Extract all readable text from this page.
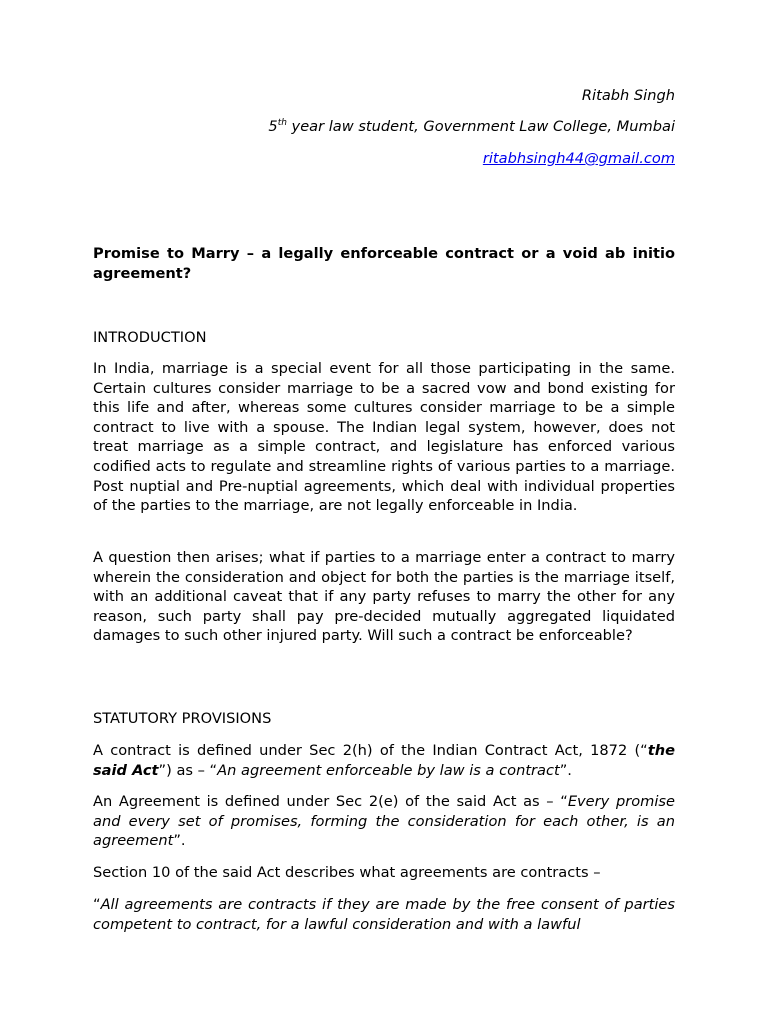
Ritabh Singh
5th year law student, Government Law College, Mumbai
ritabhsingh44@gmail.com

Promise to Marry – a legally enforceable contract or a void ab initio agreement?

INTRODUCTION

In India, marriage is a special event for all those participating in the same. Certain cultures consider marriage to be a sacred vow and bond existing for this life and after, whereas some cultures consider marriage to be a simple contract to live with a spouse. The Indian legal system, however, does not treat marriage as a simple contract, and legislature has enforced various codified acts to regulate and streamline rights of various parties to a marriage. Post nuptial and Pre-nuptial agreements, which deal with individual properties of the parties to the marriage, are not legally enforceable in India.

A question then arises; what if parties to a marriage enter a contract to marry wherein the consideration and object for both the parties is the marriage itself, with an additional caveat that if any party refuses to marry the other for any reason, such party shall pay pre-decided mutually aggregated liquidated damages to such other injured party. Will such a contract be enforceable?

STATUTORY PROVISIONS

A contract is defined under Sec 2(h) of the Indian Contract Act, 1872 (“the said Act”) as – “An agreement enforceable by law is a contract”.

An Agreement is defined under Sec 2(e) of the said Act as – “Every promise and every set of promises, forming the consideration for each other, is an agreement”.

Section 10 of the said Act describes what agreements are contracts –

“All agreements are contracts if they are made by the free consent of parties competent to contract, for a lawful consideration and with a lawful
